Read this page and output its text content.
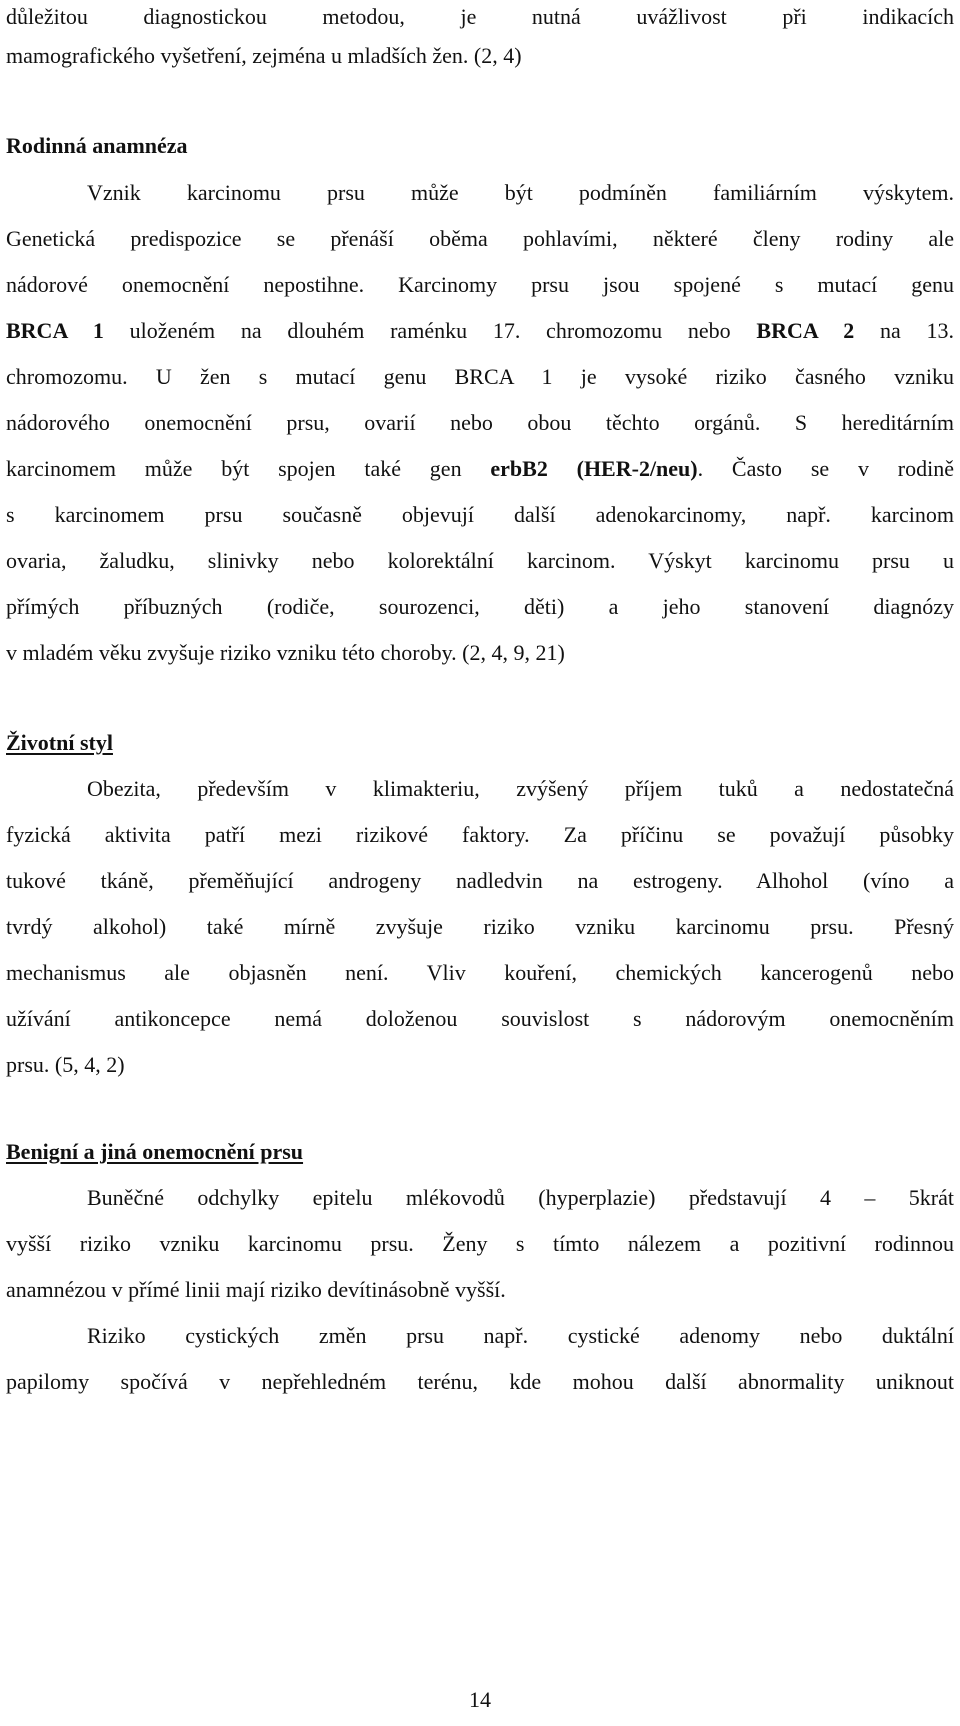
důležitou diagnostickou metodou, je nutná uvážlivost při indikacích
mamografického vyšetření, zejména u mladších žen. (2, 4)
Rodinná anamnéza
Vznik karcinomu prsu může být podmíněn familiárním výskytem.
Genetická predispozice se přenáší oběma pohlavími, některé členy rodiny ale
nádorové onemocnění nepostihne. Karcinomy prsu jsou spojené s mutací genu
BRCA 1 uloženém na dlouhém raménku 17. chromozomu nebo BRCA 2 na 13.
chromozomu. U žen s mutací genu BRCA 1 je vysoké riziko časného vzniku
nádorového onemocnění prsu, ovarií nebo obou těchto orgánů. S hereditárním
karcinomem může být spojen také gen erbB2 (HER-2/neu). Často se v rodině
s karcinomem prsu současně objevují další adenokarcinomy, např. karcinom
ovaria, žaludku, slinivky nebo kolorektální karcinom. Výskyt karcinomu prsu u
přímých příbuzných (rodiče, sourozenci, děti) a jeho stanovení diagnózy
v mladém věku zvyšuje riziko vzniku této choroby. (2, 4, 9, 21)
Životní styl
Obezita, především v klimakteriu, zvýšený příjem tuků a nedostatečná
fyzická aktivita patří mezi rizikové faktory. Za příčinu se považují působky
tukové tkáně, přeměňující androgeny nadledvin na estrogeny. Alhohol (víno a
tvrdý alkohol) také mírně zvyšuje riziko vzniku karcinomu prsu. Přesný
mechanismus ale objasněn není. Vliv kouření, chemických kancerogenů nebo
užívání antikoncepce nemá doloženou souvislost s nádorovým onemocněním
prsu. (5, 4, 2)
Benigní a jiná onemocnění prsu
Buněčné odchylky epitelu mlékovodů (hyperplazie) představují 4 – 5krát
vyšší riziko vzniku karcinomu prsu. Ženy s tímto nálezem a pozitivní rodinnou
anamnézou v přímé linii mají riziko devítinásobně vyšší.
Riziko cystických změn prsu např. cystické adenomy nebo duktální
papilomy spočívá v nepřehledném terénu, kde mohou další abnormality uniknout
14
